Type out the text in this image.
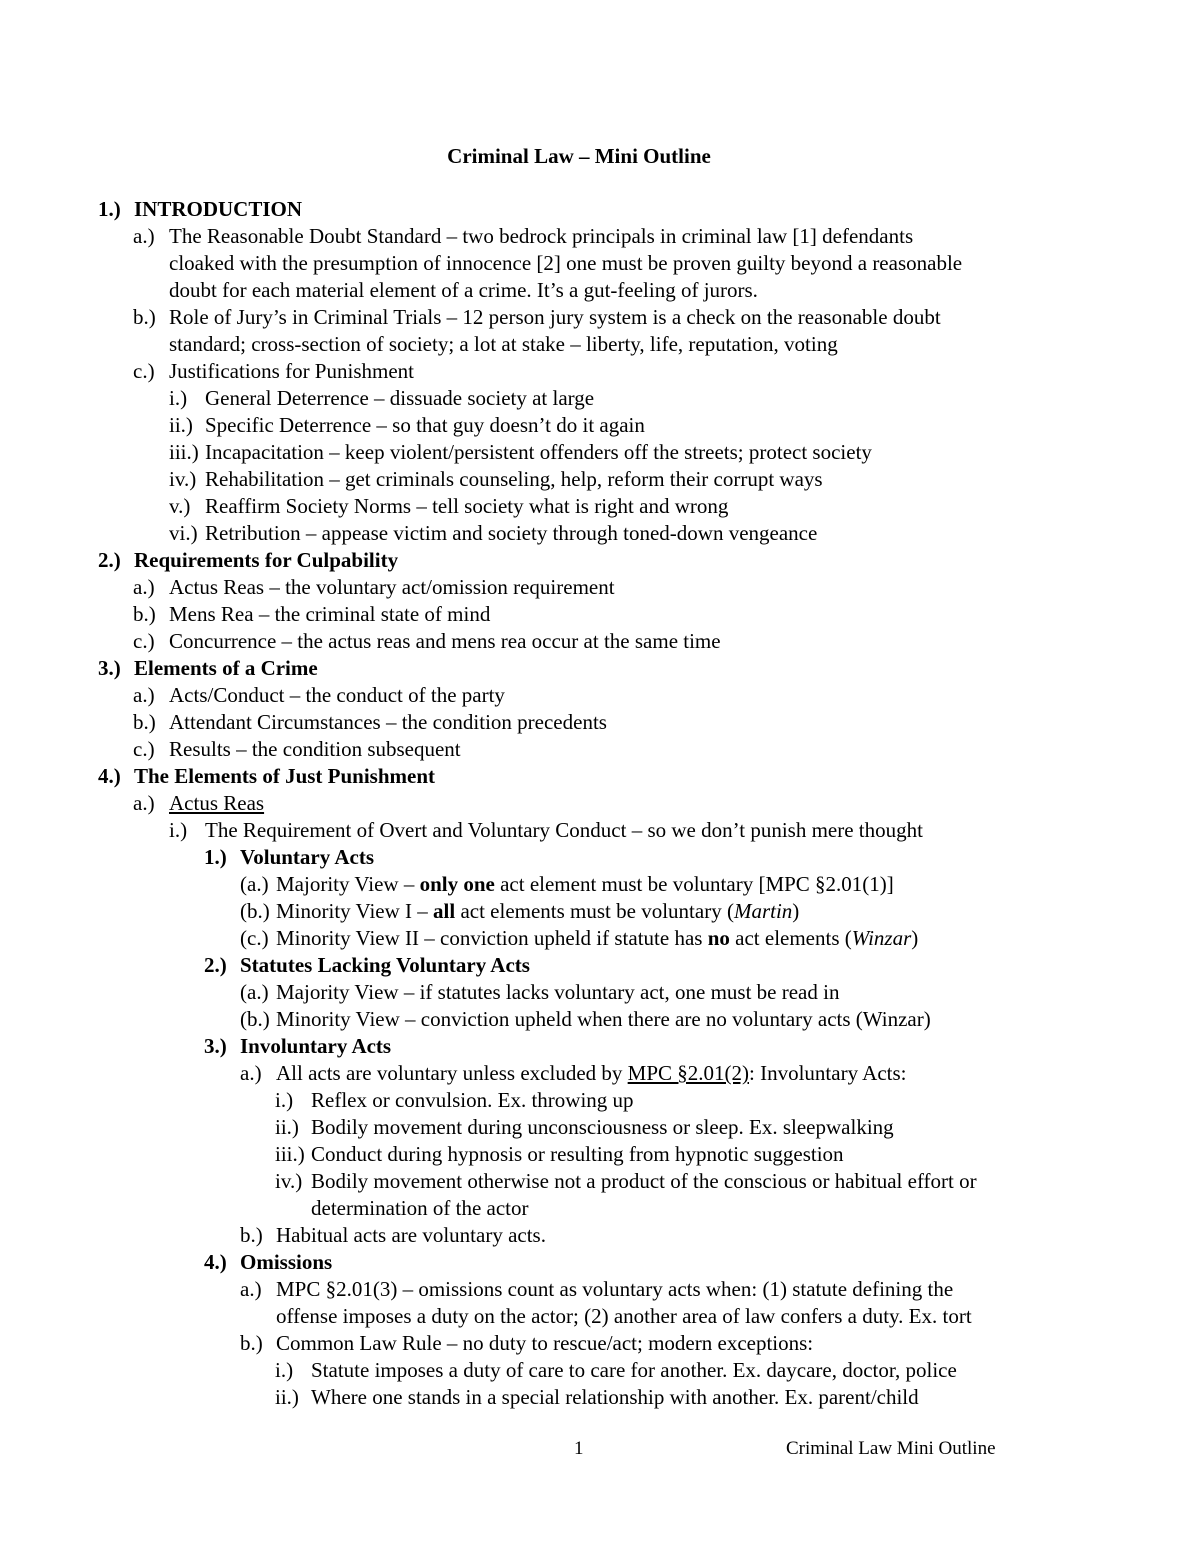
Criminal Law – Mini Outline
1.) INTRODUCTION
a.) The Reasonable Doubt Standard – two bedrock principals in criminal law [1] defendants
cloaked with the presumption of innocence [2] one must be proven guilty beyond a reasonable
doubt for each material element of a crime. It’s a gut-feeling of jurors.
b.) Role of Jury’s in Criminal Trials – 12 person jury system is a check on the reasonable doubt
standard; cross-section of society; a lot at stake – liberty, life, reputation, voting
c.) Justifications for Punishment
i.) General Deterrence – dissuade society at large
ii.) Specific Deterrence – so that guy doesn’t do it again
iii.) Incapacitation – keep violent/persistent offenders off the streets; protect society
iv.) Rehabilitation – get criminals counseling, help, reform their corrupt ways
v.) Reaffirm Society Norms – tell society what is right and wrong
vi.) Retribution – appease victim and society through toned-down vengeance
2.) Requirements for Culpability
a.) Actus Reas – the voluntary act/omission requirement
b.) Mens Rea – the criminal state of mind
c.) Concurrence – the actus reas and mens rea occur at the same time
3.) Elements of a Crime
a.) Acts/Conduct – the conduct of the party
b.) Attendant Circumstances – the condition precedents
c.) Results – the condition subsequent
4.) The Elements of Just Punishment
a.) Actus Reas
i.) The Requirement of Overt and Voluntary Conduct – so we don’t punish mere thought
1.) Voluntary Acts
(a.) Majority View – only one act element must be voluntary [MPC §2.01(1)]
(b.) Minority View I – all act elements must be voluntary (Martin)
(c.) Minority View II – conviction upheld if statute has no act elements (Winzar)
2.) Statutes Lacking Voluntary Acts
(a.) Majority View – if statutes lacks voluntary act, one must be read in
(b.) Minority View – conviction upheld when there are no voluntary acts (Winzar)
3.) Involuntary Acts
a.) All acts are voluntary unless excluded by MPC §2.01(2): Involuntary Acts:
i.) Reflex or convulsion. Ex. throwing up
ii.) Bodily movement during unconsciousness or sleep. Ex. sleepwalking
iii.) Conduct during hypnosis or resulting from hypnotic suggestion
iv.) Bodily movement otherwise not a product of the conscious or habitual effort or
determination of the actor
b.) Habitual acts are voluntary acts.
4.) Omissions
a.) MPC §2.01(3) – omissions count as voluntary acts when: (1) statute defining the
offense imposes a duty on the actor; (2) another area of law confers a duty. Ex. tort
b.) Common Law Rule – no duty to rescue/act; modern exceptions:
i.) Statute imposes a duty of care to care for another. Ex. daycare, doctor, police
ii.) Where one stands in a special relationship with another. Ex. parent/child
1	Criminal Law Mini Outline
